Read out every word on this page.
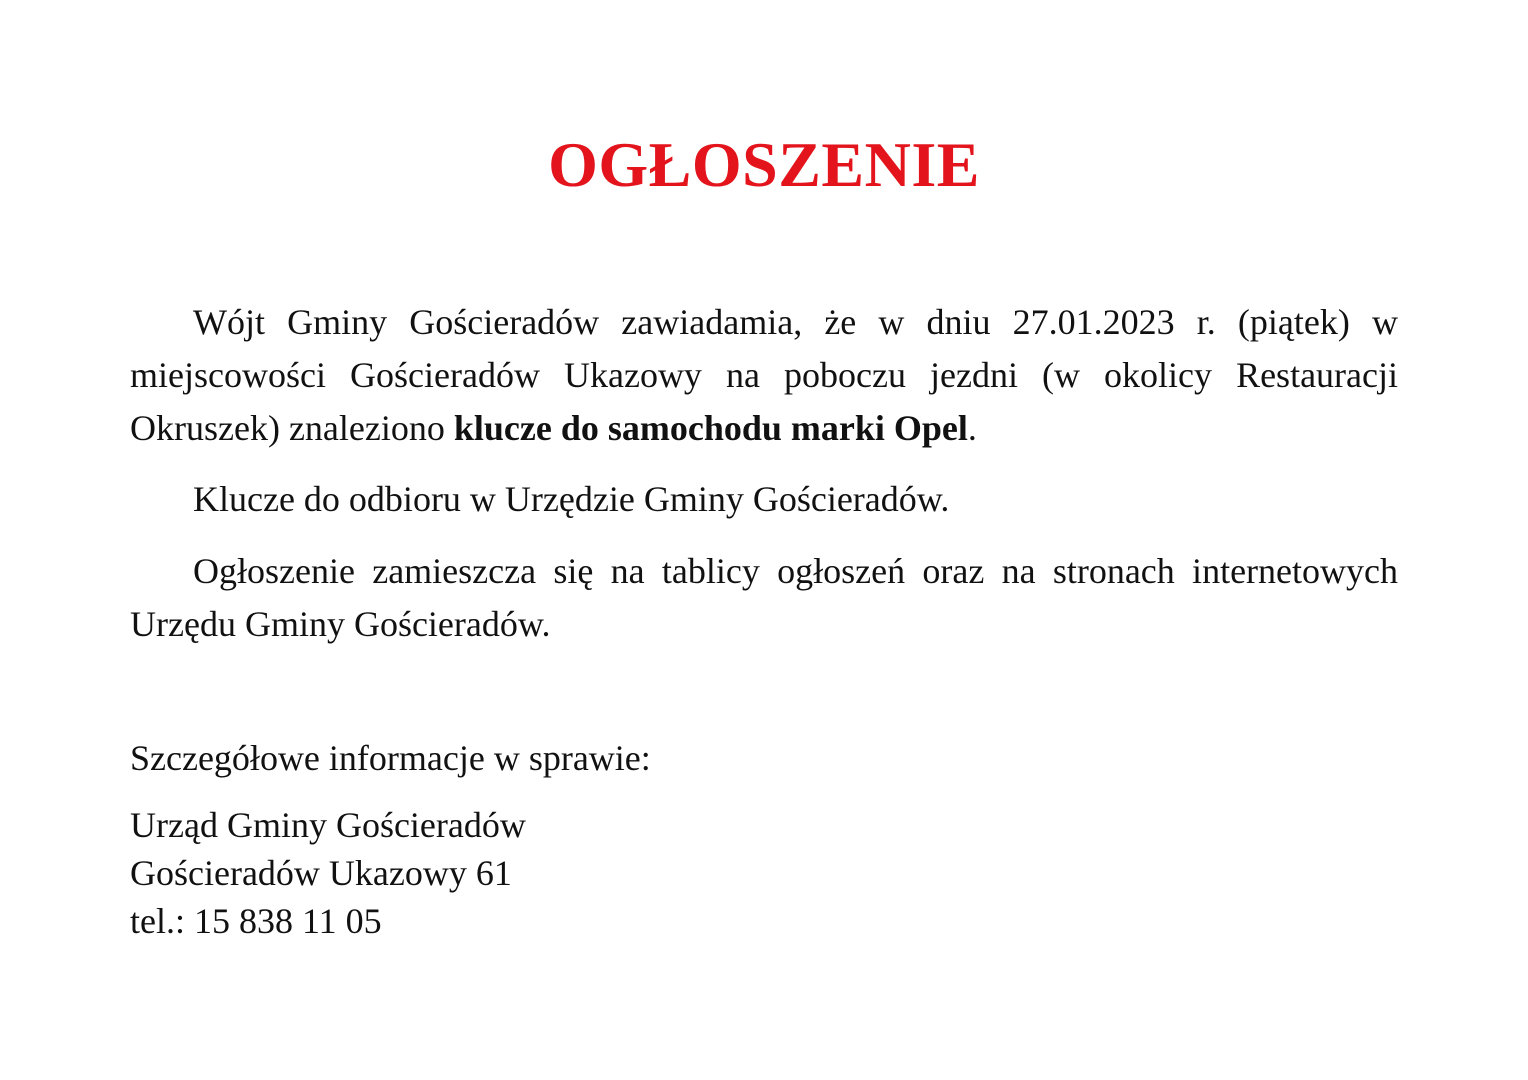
OGŁOSZENIE

Wójt Gminy Gościeradów zawiadamia, że w dniu 27.01.2023 r. (piątek) w miejscowości Gościeradów Ukazowy na poboczu jezdni (w okolicy Restauracji Okruszek) znaleziono klucze do samochodu marki Opel.

Klucze do odbioru w Urzędzie Gminy Gościeradów.

Ogłoszenie zamieszcza się na tablicy ogłoszeń oraz na stronach internetowych Urzędu Gminy Gościeradów.

Szczegółowe informacje w sprawie:

Urząd Gminy Gościeradów
Gościeradów Ukazowy 61
tel.: 15 838 11 05
